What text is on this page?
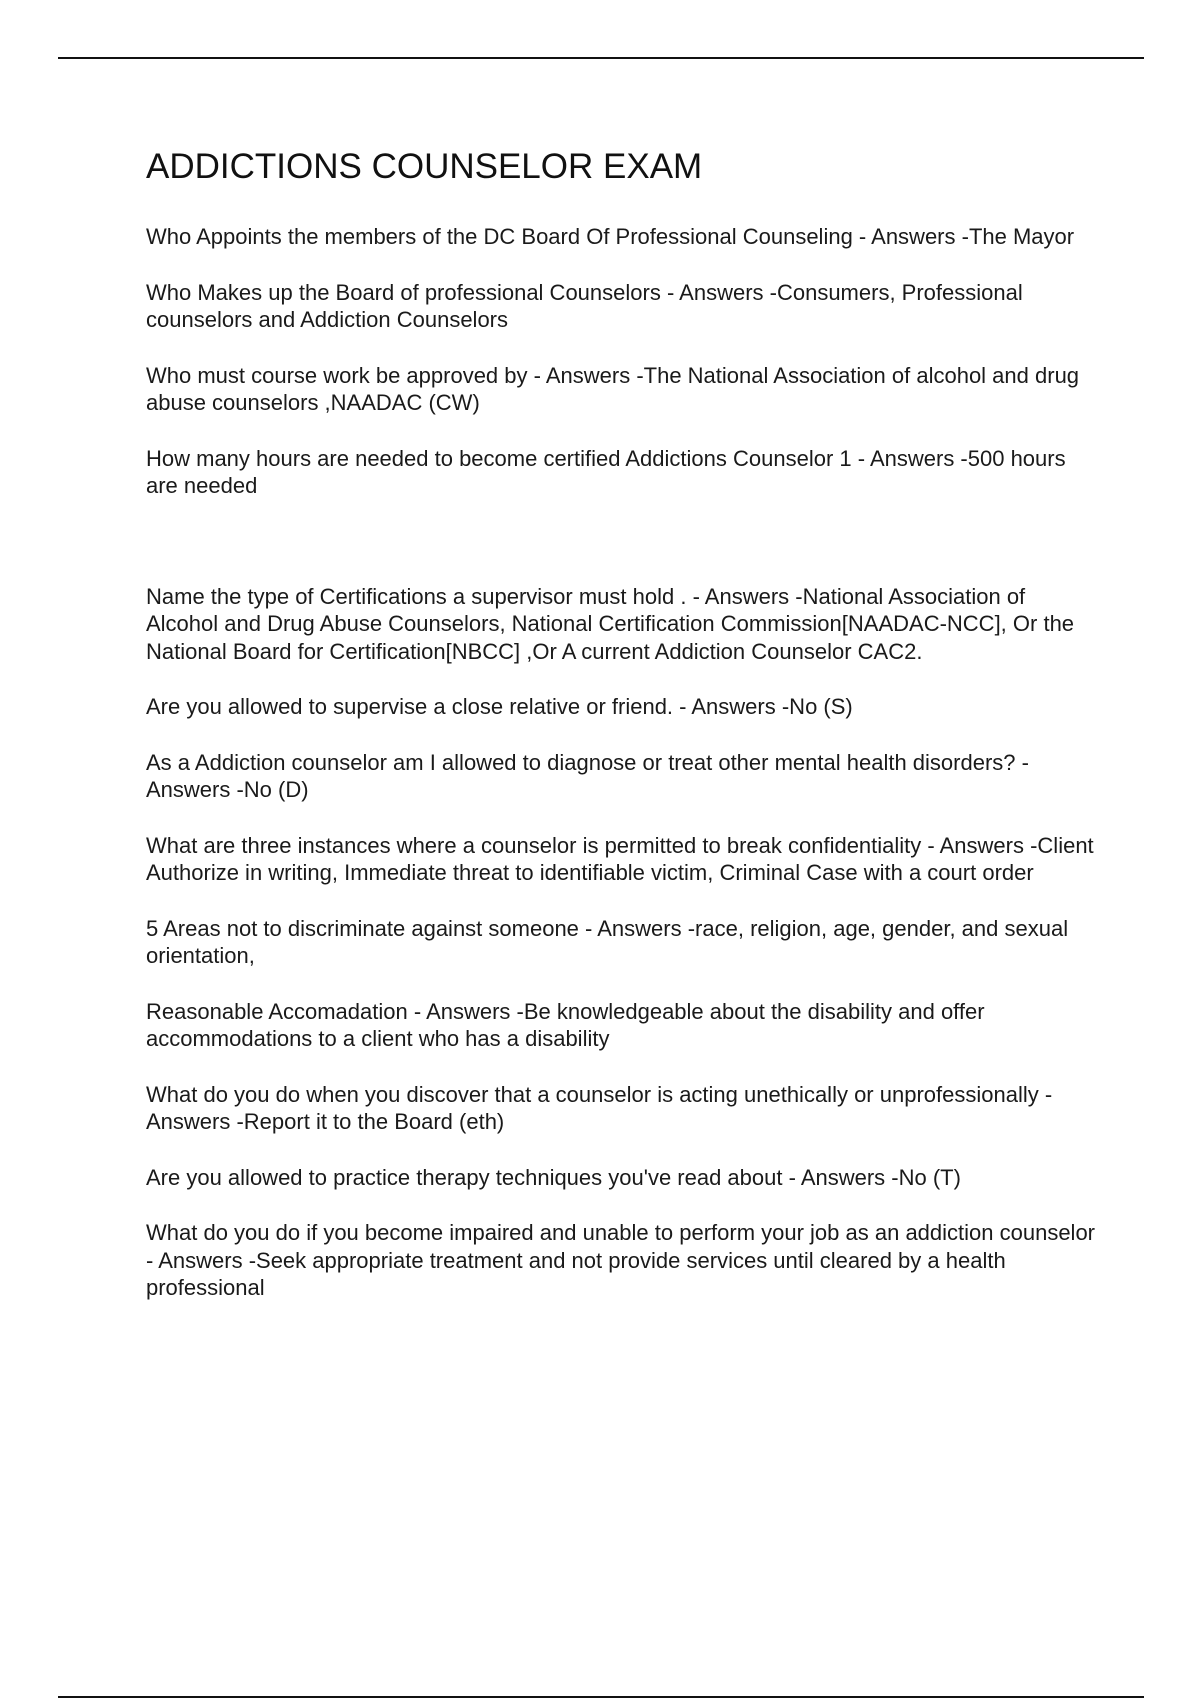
ADDICTIONS COUNSELOR EXAM
Who Appoints the members of the DC Board Of Professional Counseling - Answers -The Mayor
Who Makes up the Board of professional Counselors - Answers -Consumers, Professional counselors and Addiction Counselors
Who must course work be approved by - Answers -The National Association of alcohol and drug abuse counselors ,NAADAC (CW)
How many hours are needed to become certified Addictions Counselor 1 - Answers -500 hours are needed
Name the type of Certifications a supervisor must hold . - Answers -National Association of Alcohol and Drug Abuse Counselors, National Certification Commission[NAADAC-NCC], Or the National Board for Certification[NBCC] ,Or A current Addiction Counselor CAC2.
Are you allowed to supervise a close relative or friend. - Answers -No (S)
As a Addiction counselor am I allowed to diagnose or treat other mental health disorders? - Answers -No (D)
What are three instances where a counselor is permitted to break confidentiality - Answers -Client Authorize in writing, Immediate threat to identifiable victim, Criminal Case with a court order
5 Areas not to discriminate against someone - Answers -race, religion, age, gender, and sexual orientation,
Reasonable Accomadation - Answers -Be knowledgeable about the disability and offer accommodations to a client who has a disability
What do you do when you discover that a counselor is acting unethically or unprofessionally - Answers -Report it to the Board (eth)
Are you allowed to practice therapy techniques you've read about - Answers -No (T)
What do you do if you become impaired and unable to perform your job as an addiction counselor - Answers -Seek appropriate treatment and not provide services until cleared by a health professional
